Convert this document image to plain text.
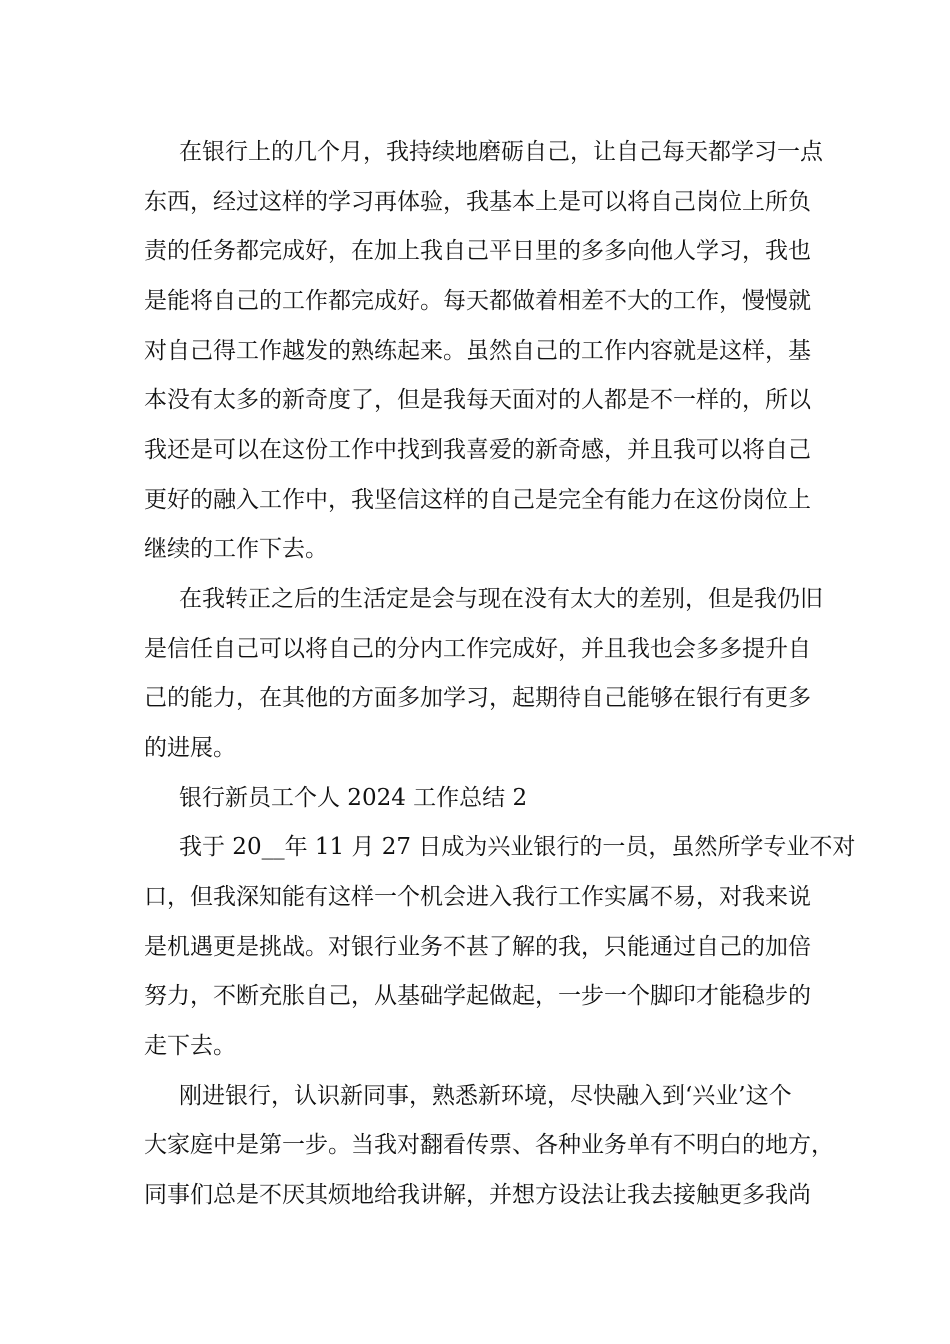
在银行上的几个月，我持续地磨砺自己，让自己每天都学习一点

东西，经过这样的学习再体验，我基本上是可以将自己岗位上所负

责的任务都完成好，在加上我自己平日里的多多向他人学习，我也

是能将自己的工作都完成好。每天都做着相差不大的工作，慢慢就

对自己得工作越发的熟练起来。虽然自己的工作内容就是这样，基

本没有太多的新奇度了，但是我每天面对的人都是不一样的，所以

我还是可以在这份工作中找到我喜爱的新奇感，并且我可以将自己

更好的融入工作中，我坚信这样的自己是完全有能力在这份岗位上

继续的工作下去。

在我转正之后的生活定是会与现在没有太大的差别，但是我仍旧

是信任自己可以将自己的分内工作完成好，并且我也会多多提升自

己的能力，在其他的方面多加学习，起期待自己能够在银行有更多

的进展。

银行新员工个人 2024 工作总结 2

我于 20__年 11 月 27 日成为兴业银行的一员，虽然所学专业不对

口，但我深知能有这样一个机会进入我行工作实属不易，对我来说

是机遇更是挑战。对银行业务不甚了解的我，只能通过自己的加倍

努力，不断充胀自己，从基础学起做起，一步一个脚印才能稳步的

走下去。

刚进银行，认识新同事，熟悉新环境，尽快融入到‘兴业’这个

大家庭中是第一步。当我对翻看传票、各种业务单有不明白的地方，

同事们总是不厌其烦地给我讲解，并想方设法让我去接触更多我尚
